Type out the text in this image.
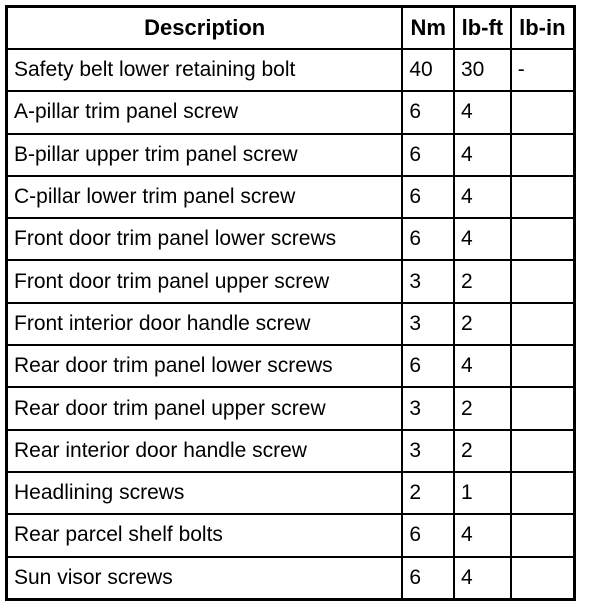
Description	Nm	lb-ft	lb-in
Safety belt lower retaining bolt	40	30	-
A-pillar trim panel screw	6	4	
B-pillar upper trim panel screw	6	4	
C-pillar lower trim panel screw	6	4	
Front door trim panel lower screws	6	4	
Front door trim panel upper screw	3	2	
Front interior door handle screw	3	2	
Rear door trim panel lower screws	6	4	
Rear door trim panel upper screw	3	2	
Rear interior door handle screw	3	2	
Headlining screws	2	1	
Rear parcel shelf bolts	6	4	
Sun visor screws	6	4	
